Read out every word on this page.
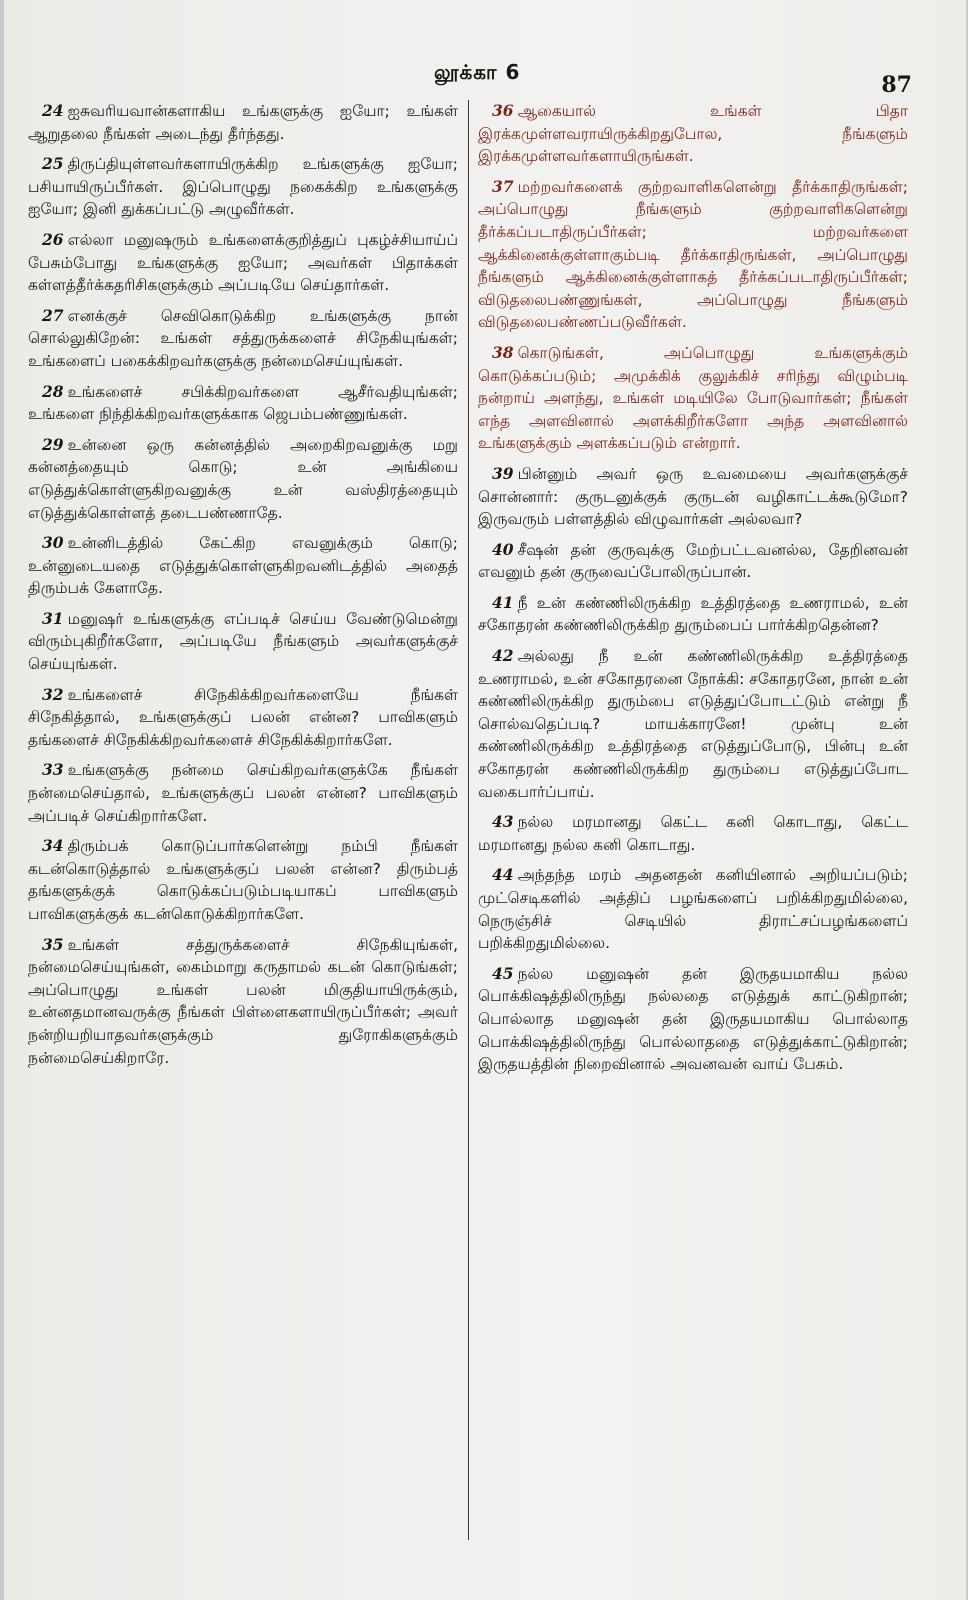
லூக்கா 6	87

24 ஐசுவரியவான்களாகிய உங்களுக்கு ஐயோ; உங்கள் ஆறுதலை நீங்கள் அடைந்து தீர்ந்தது.

25 திருப்தியுள்ளவர்களாயிருக்கிற உங்களுக்கு ஐயோ; பசியாயிருப்பீர்கள். இப்பொழுது நகைக்கிற உங்களுக்கு ஐயோ; இனி துக்கப்பட்டு அழுவீர்கள்.

26 எல்லா மனுஷரும் உங்களைக்குறித்துப் புகழ்ச்சியாய்ப் பேசும்போது உங்களுக்கு ஐயோ; அவர்கள் பிதாக்கள் கள்ளத்தீர்க்கதரிசிகளுக்கும் அப்படியே செய்தார்கள்.

27 எனக்குச் செவிகொடுக்கிற உங்களுக்கு நான் சொல்லுகிறேன்: உங்கள் சத்துருக்களைச் சிநேகியுங்கள்; உங்களைப் பகைக்கிறவர்களுக்கு நன்மைசெய்யுங்கள்.

28 உங்களைச் சபிக்கிறவர்களை ஆசீர்வதியுங்கள்; உங்களை நிந்திக்கிறவர்களுக்காக ஜெபம்பண்ணுங்கள்.

29 உன்னை ஒரு கன்னத்தில் அறைகிறவனுக்கு மறு கன்னத்தையும் கொடு; உன் அங்கியை எடுத்துக்கொள்ளுகிறவனுக்கு உன் வஸ்திரத்தையும் எடுத்துக்கொள்ளத் தடைபண்ணாதே.

30 உன்னிடத்தில் கேட்கிற எவனுக்கும் கொடு; உன்னுடையதை எடுத்துக்கொள்ளுகிறவனிடத்தில் அதைத் திரும்பக் கேளாதே.

31 மனுஷர் உங்களுக்கு எப்படிச் செய்ய வேண்டுமென்று விரும்புகிறீர்களோ, அப்படியே நீங்களும் அவர்களுக்குச் செய்யுங்கள்.

32 உங்களைச் சிநேகிக்கிறவர்களையே நீங்கள் சிநேகித்தால், உங்களுக்குப் பலன் என்ன? பாவிகளும் தங்களைச் சிநேகிக்கிறவர்களைச் சிநேகிக்கிறார்களே.

33 உங்களுக்கு நன்மை செய்கிறவர்களுக்கே நீங்கள் நன்மைசெய்தால், உங்களுக்குப் பலன் என்ன? பாவிகளும் அப்படிச் செய்கிறார்களே.

34 திரும்பக் கொடுப்பார்களென்று நம்பி நீங்கள் கடன்கொடுத்தால் உங்களுக்குப் பலன் என்ன? திரும்பத் தங்களுக்குக் கொடுக்கப்படும்படியாகப் பாவிகளும் பாவிகளுக்குக் கடன்கொடுக்கிறார்களே.

35 உங்கள் சத்துருக்களைச் சிநேகியுங்கள், நன்மைசெய்யுங்கள், கைம்மாறு கருதாமல் கடன் கொடுங்கள்; அப்பொழுது உங்கள் பலன் மிகுதியாயிருக்கும், உன்னதமானவருக்கு நீங்கள் பிள்ளைகளாயிருப்பீர்கள்; அவர் நன்றியறியாதவர்களுக்கும் துரோகிகளுக்கும் நன்மைசெய்கிறாரே.

36 ஆகையால் உங்கள் பிதா இரக்கமுள்ளவராயிருக்கிறதுபோல, நீங்களும் இரக்கமுள்ளவர்களாயிருங்கள்.

37 மற்றவர்களைக் குற்றவாளிகளென்று தீர்க்காதிருங்கள்; அப்பொழுது நீங்களும் குற்றவாளிகளென்று தீர்க்கப்படாதிருப்பீர்கள்; மற்றவர்களை ஆக்கினைக்குள்ளாகும்படி தீர்க்காதிருங்கள், அப்பொழுது நீங்களும் ஆக்கினைக்குள்ளாகத் தீர்க்கப்படாதிருப்பீர்கள்; விடுதலைபண்ணுங்கள், அப்பொழுது நீங்களும் விடுதலைபண்ணப்படுவீர்கள்.

38 கொடுங்கள், அப்பொழுது உங்களுக்கும் கொடுக்கப்படும்; அமுக்கிக் குலுக்கிச் சரிந்து விழும்படி நன்றாய் அளந்து, உங்கள் மடியிலே போடுவார்கள்; நீங்கள் எந்த அளவினால் அளக்கிறீர்களோ அந்த அளவினால் உங்களுக்கும் அளக்கப்படும் என்றார்.

39 பின்னும் அவர் ஒரு உவமையை அவர்களுக்குச் சொன்னார்: குருடனுக்குக் குருடன் வழிகாட்டக்கூடுமோ? இருவரும் பள்ளத்தில் விழுவார்கள் அல்லவா?

40 சீஷன் தன் குருவுக்கு மேற்பட்டவனல்ல, தேறினவன் எவனும் தன் குருவைப்போலிருப்பான்.

41 நீ உன் கண்ணிலிருக்கிற உத்திரத்தை உணராமல், உன் சகோதரன் கண்ணிலிருக்கிற துரும்பைப் பார்க்கிறதென்ன?

42 அல்லது நீ உன் கண்ணிலிருக்கிற உத்திரத்தை உணராமல், உன் சகோதரனை நோக்கி: சகோதரனே, நான் உன் கண்ணிலிருக்கிற துரும்பை எடுத்துப்போடட்டும் என்று நீ சொல்வதெப்படி? மாயக்காரனே! முன்பு உன் கண்ணிலிருக்கிற உத்திரத்தை எடுத்துப்போடு, பின்பு உன் சகோதரன் கண்ணிலிருக்கிற துரும்பை எடுத்துப்போட வகைபார்ப்பாய்.

43 நல்ல மரமானது கெட்ட கனி கொடாது, கெட்ட மரமானது நல்ல கனி கொடாது.

44 அந்தந்த மரம் அதனதன் கனியினால் அறியப்படும்; முட்செடிகளில் அத்திப் பழங்களைப் பறிக்கிறதுமில்லை, நெருஞ்சிச் செடியில் திராட்சப்பழங்களைப் பறிக்கிறதுமில்லை.

45 நல்ல மனுஷன் தன் இருதயமாகிய நல்ல பொக்கிஷத்திலிருந்து நல்லதை எடுத்துக் காட்டுகிறான்; பொல்லாத மனுஷன் தன் இருதயமாகிய பொல்லாத பொக்கிஷத்திலிருந்து பொல்லாததை எடுத்துக்காட்டுகிறான்; இருதயத்தின் நிறைவினால் அவனவன் வாய் பேசும்.
